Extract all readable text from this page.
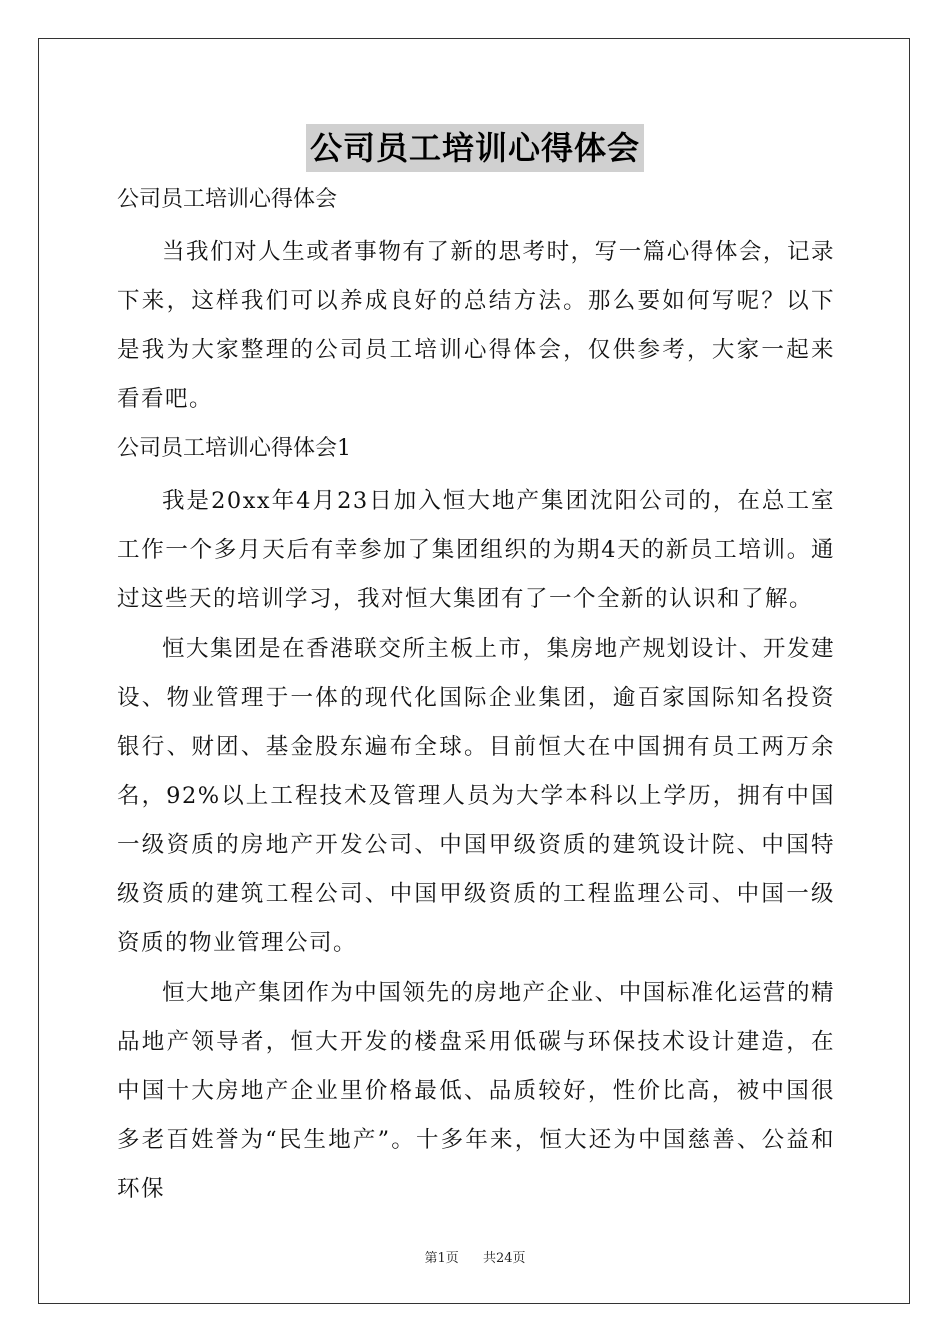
公司员工培训心得体会

公司员工培训心得体会

当我们对人生或者事物有了新的思考时，写一篇心得体会，记录下来，这样我们可以养成良好的总结方法。那么要如何写呢？以下是我为大家整理的公司员工培训心得体会，仅供参考，大家一起来看看吧。

公司员工培训心得体会1

我是20xx年4月23日加入恒大地产集团沈阳公司的，在总工室工作一个多月天后有幸参加了集团组织的为期4天的新员工培训。通过这些天的培训学习，我对恒大集团有了一个全新的认识和了解。

恒大集团是在香港联交所主板上市，集房地产规划设计、开发建设、物业管理于一体的现代化国际企业集团，逾百家国际知名投资银行、财团、基金股东遍布全球。目前恒大在中国拥有员工两万余名，92%以上工程技术及管理人员为大学本科以上学历，拥有中国一级资质的房地产开发公司、中国甲级资质的建筑设计院、中国特级资质的建筑工程公司、中国甲级资质的工程监理公司、中国一级资质的物业管理公司。

恒大地产集团作为中国领先的房地产企业、中国标准化运营的精品地产领导者，恒大开发的楼盘采用低碳与环保技术设计建造，在中国十大房地产企业里价格最低、品质较好，性价比高，被中国很多老百姓誉为“民生地产”。十多年来，恒大还为中国慈善、公益和环保

第1页 共24页
